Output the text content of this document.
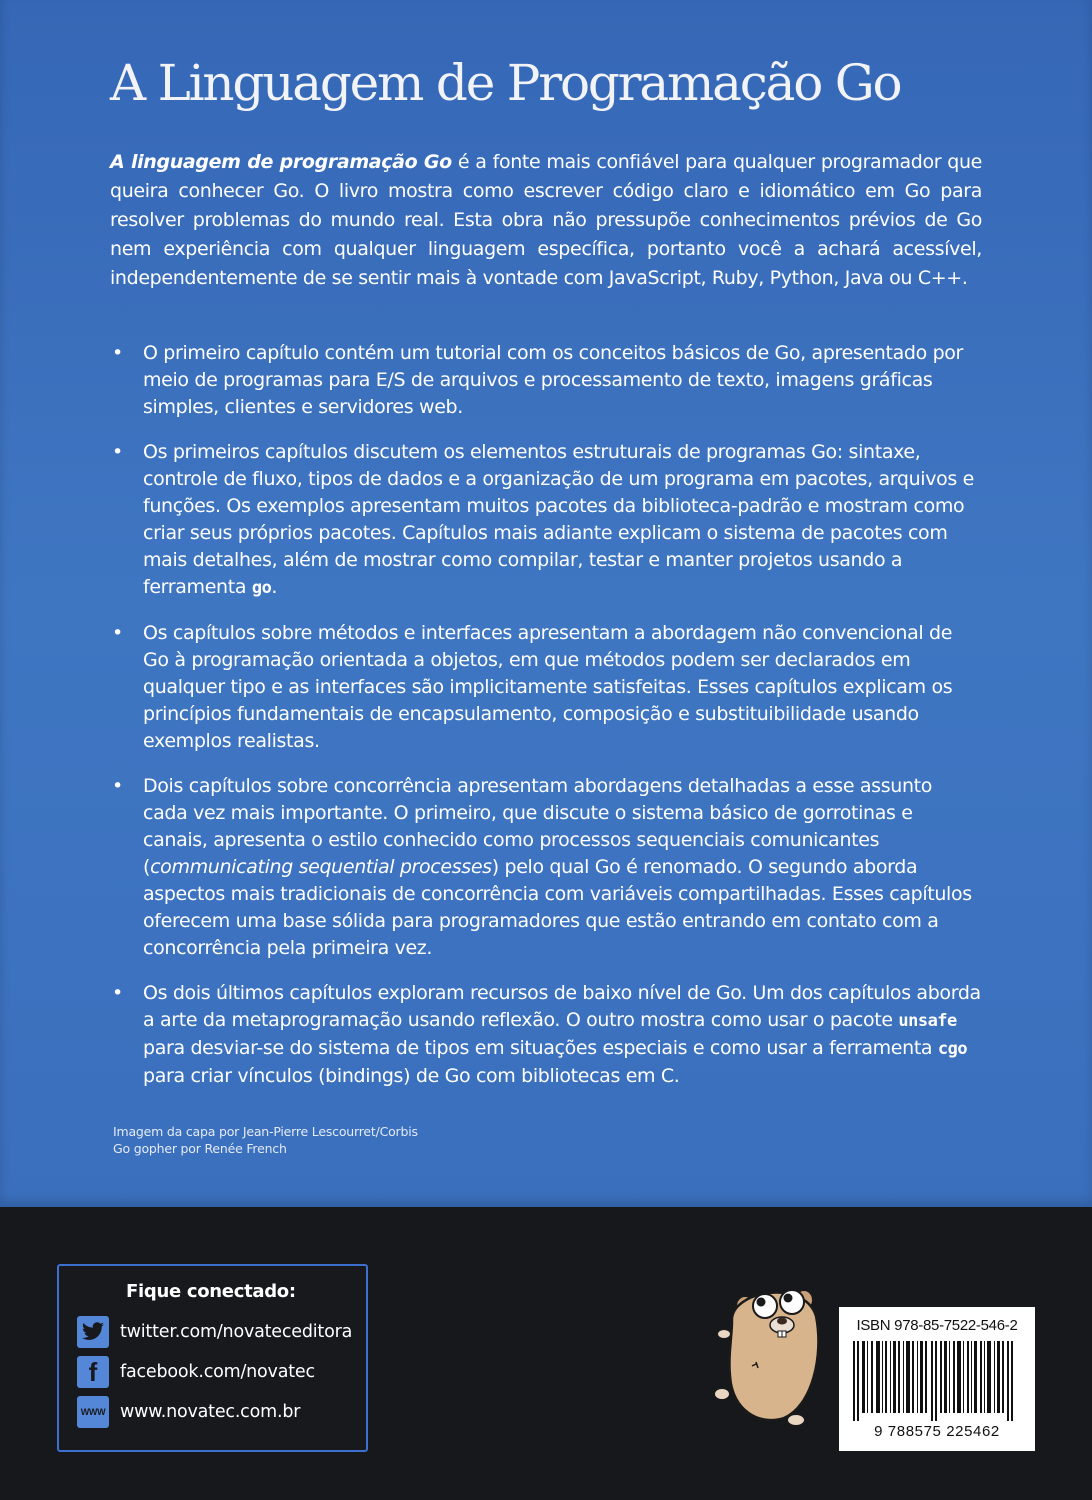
A Linguagem de Programação Go

A linguagem de programação Go é a fonte mais confiável para qualquer programador que queira conhecer Go. O livro mostra como escrever código claro e idiomático em Go para resolver problemas do mundo real. Esta obra não pressupõe conhecimentos prévios de Go nem experiência com qualquer linguagem específica, portanto você a achará acessível, independentemente de se sentir mais à vontade com JavaScript, Ruby, Python, Java ou C++.

• O primeiro capítulo contém um tutorial com os conceitos básicos de Go, apresentado por meio de programas para E/S de arquivos e processamento de texto, imagens gráficas simples, clientes e servidores web.
• Os primeiros capítulos discutem os elementos estruturais de programas Go: sintaxe, controle de fluxo, tipos de dados e a organização de um programa em pacotes, arquivos e funções. Os exemplos apresentam muitos pacotes da biblioteca-padrão e mostram como criar seus próprios pacotes. Capítulos mais adiante explicam o sistema de pacotes com mais detalhes, além de mostrar como compilar, testar e manter projetos usando a ferramenta go.
• Os capítulos sobre métodos e interfaces apresentam a abordagem não convencional de Go à programação orientada a objetos, em que métodos podem ser declarados em qualquer tipo e as interfaces são implicitamente satisfeitas. Esses capítulos explicam os princípios fundamentais de encapsulamento, composição e substituibilidade usando exemplos realistas.
• Dois capítulos sobre concorrência apresentam abordagens detalhadas a esse assunto cada vez mais importante. O primeiro, que discute o sistema básico de gorrotinas e canais, apresenta o estilo conhecido como processos sequenciais comunicantes (communicating sequential processes) pelo qual Go é renomado. O segundo aborda aspectos mais tradicionais de concorrência com variáveis compartilhadas. Esses capítulos oferecem uma base sólida para programadores que estão entrando em contato com a concorrência pela primeira vez.
• Os dois últimos capítulos exploram recursos de baixo nível de Go. Um dos capítulos aborda a arte da metaprogramação usando reflexão. O outro mostra como usar o pacote unsafe para desviar-se do sistema de tipos em situações especiais e como usar a ferramenta cgo para criar vínculos (bindings) de Go com bibliotecas em C.
Imagem da capa por Jean-Pierre Lescourret/Corbis
Go gopher por Renée French
Fique conectado:
twitter.com/novateceditora
f	facebook.com/novatec
WWW www.novatec.com.br
ISBN 978-85-7522-546-2
9 788575 225462
